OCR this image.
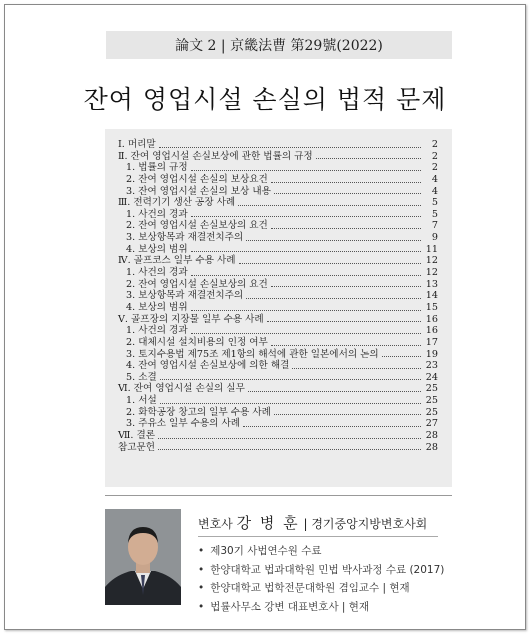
論文 2 | 京畿法曹 第29號(2022)
잔여 영업시설 손실의 법적 문제
Ⅰ. 머리말	2
Ⅱ. 잔여 영업시설 손실보상에 관한 법률의 규정	2
1. 법률의 규정	2
2. 잔여 영업시설 손실의 보상요건	4
3. 잔여 영업시설 손실의 보상 내용	4
Ⅲ. 전력기기 생산 공장 사례	5
1. 사건의 경과	5
2. 잔여 영업시설 손실보상의 요건	7
3. 보상항목과 재결전치주의	9
4. 보상의 범위	11
Ⅳ. 골프코스 일부 수용 사례	12
1. 사건의 경과	12
2. 잔여 영업시설 손실보상의 요건	13
3. 보상항목과 재결전치주의	14
4. 보상의 범위	15
Ⅴ. 골프장의 지장물 일부 수용 사례	16
1. 사건의 경과	16
2. 대체시설 설치비용의 인정 여부	17
3. 토지수용법 제75조 제1항의 해석에 관한 일본에서의 논의	19
4. 잔여 영업시설 손실보상에 의한 해결	23
5. 소결	24
Ⅵ. 잔여 영업시설 손실의 실무	25
1. 서설	25
2. 화학공장 창고의 일부 수용 사례	25
3. 주유소 일부 수용의 사례	27
Ⅶ. 결론	28
참고문헌	28
변호사 강 병 훈 | 경기중앙지방변호사회
• 제30기 사법연수원 수료
• 한양대학교 법과대학원 민법 박사과정 수료 (2017)
• 한양대학교 법학전문대학원 겸임교수 | 현재
• 법률사무소 강변 대표변호사 | 현재
